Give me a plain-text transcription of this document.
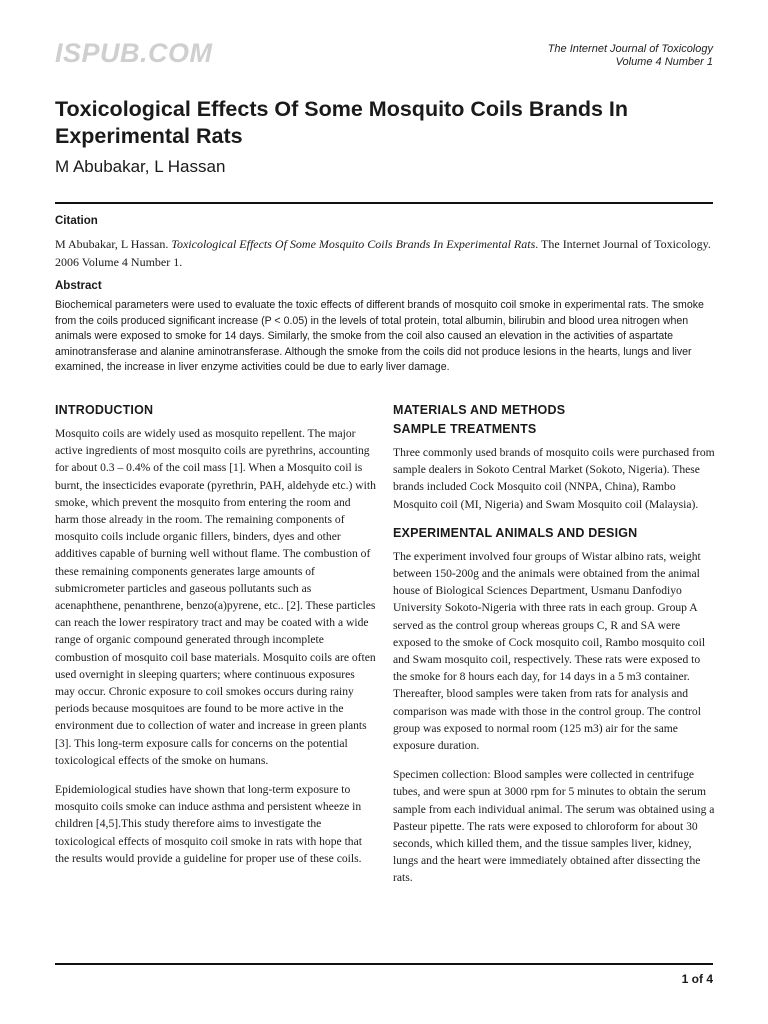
ISPUB.COM	The Internet Journal of Toxicology
Volume 4 Number 1
Toxicological Effects Of Some Mosquito Coils Brands In Experimental Rats
M Abubakar, L Hassan
Citation

M Abubakar, L Hassan. Toxicological Effects Of Some Mosquito Coils Brands In Experimental Rats. The Internet Journal of Toxicology. 2006 Volume 4 Number 1.

Abstract

Biochemical parameters were used to evaluate the toxic effects of different brands of mosquito coil smoke in experimental rats. The smoke from the coils produced significant increase (P < 0.05) in the levels of total protein, total albumin, bilirubin and blood urea nitrogen when animals were exposed to smoke for 14 days. Similarly, the smoke from the coil also caused an elevation in the activities of aspartate aminotransferase and alanine aminotransferase. Although the smoke from the coils did not produce lesions in the hearts, lungs and liver examined, the increase in liver enzyme activities could be due to early liver damage.

INTRODUCTION

Mosquito coils are widely used as mosquito repellent. The major active ingredients of most mosquito coils are pyrethrins, accounting for about 0.3 – 0.4% of the coil mass [1]. When a Mosquito coil is burnt, the insecticides evaporate (pyrethrin, PAH, aldehyde etc.) with smoke, which prevent the mosquito from entering the room and harm those already in the room. The remaining components of mosquito coils include organic fillers, binders, dyes and other additives capable of burning well without flame. The combustion of these remaining components generates large amounts of submicrometer particles and gaseous pollutants such as acenaphthene, penanthrene, benzo(a)pyrene, etc.. [2]. These particles can reach the lower respiratory tract and may be coated with a wide range of organic compound generated through incomplete combustion of mosquito coil base materials. Mosquito coils are often used overnight in sleeping quarters; where continuous exposures may occur. Chronic exposure to coil smokes occurs during rainy periods because mosquitoes are found to be more active in the environment due to collection of water and increase in green plants [3]. This long-term exposure calls for concerns on the potential toxicological effects of the smoke on humans.

Epidemiological studies have shown that long-term exposure to mosquito coils smoke can induce asthma and persistent wheeze in children [4,5].This study therefore aims to investigate the toxicological effects of mosquito coil smoke in rats with hope that the results would provide a guideline for proper use of these coils.

MATERIALS AND METHODS
SAMPLE TREATMENTS

Three commonly used brands of mosquito coils were purchased from sample dealers in Sokoto Central Market (Sokoto, Nigeria). These brands included Cock Mosquito coil (NNPA, China), Rambo Mosquito coil (MI, Nigeria) and Swam Mosquito coil (Malaysia).

EXPERIMENTAL ANIMALS AND DESIGN

The experiment involved four groups of Wistar albino rats, weight between 150-200g and the animals were obtained from the animal house of Biological Sciences Department, Usmanu Danfodiyo University Sokoto-Nigeria with three rats in each group. Group A served as the control group whereas groups C, R and SA were exposed to the smoke of Cock mosquito coil, Rambo mosquito coil and Swam mosquito coil, respectively. These rats were exposed to the smoke for 8 hours each day, for 14 days in a 5 m3 container. Thereafter, blood samples were taken from rats for analysis and comparison was made with those in the control group. The control group was exposed to normal room (125 m3) air for the same exposure duration.

Specimen collection: Blood samples were collected in centrifuge tubes, and were spun at 3000 rpm for 5 minutes to obtain the serum sample from each individual animal. The serum was obtained using a Pasteur pipette. The rats were exposed to chloroform for about 30 seconds, which killed them, and the tissue samples liver, kidney, lungs and the heart were immediately obtained after dissecting the rats.

1 of 4
